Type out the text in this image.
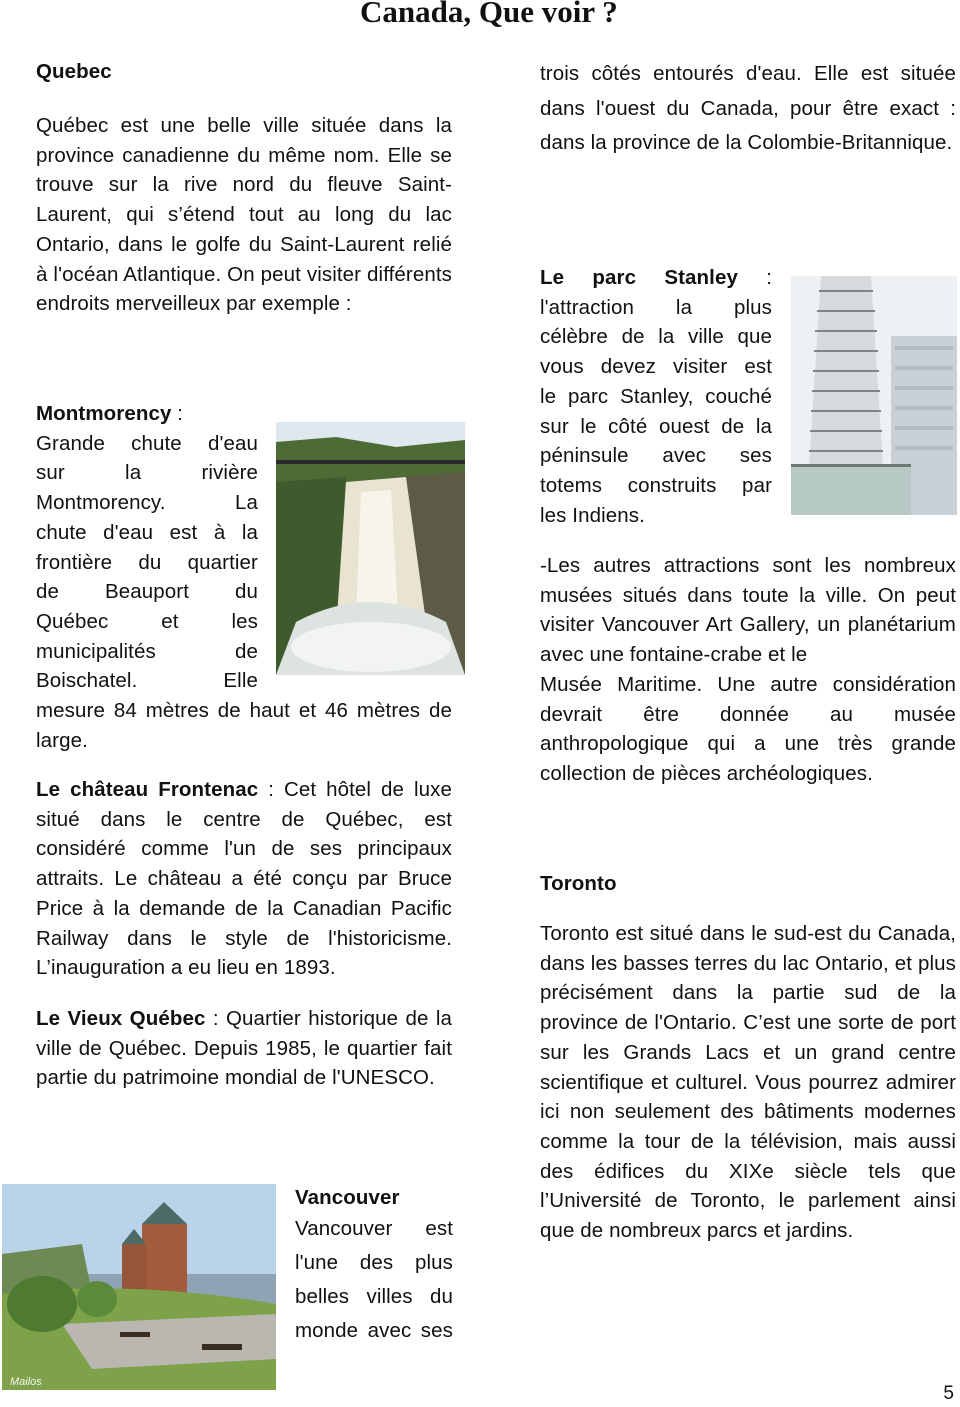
Canada, Que voir ?
Quebec
Québec est une belle ville située dans la province canadienne du même nom. Elle se trouve sur la rive nord du fleuve Saint-Laurent, qui s’étend tout au long du lac Ontario, dans le golfe du Saint-Laurent relié à l'océan Atlantique. On peut visiter différents endroits merveilleux par exemple :
Montmorency :
Grande chute d'eau
sur la rivière
Montmorency. La
chute d'eau est à la
frontière du quartier
de Beauport du
Québec et les
municipalités de
Boischatel. Elle
mesure 84 mètres de haut et 46 mètres de large.
Le château Frontenac : Cet hôtel de luxe situé dans le centre de Québec, est considéré comme l'un de ses principaux attraits. Le château a été conçu par Bruce Price à la demande de la Canadian Pacific Railway dans le style de l'historicisme. L’inauguration a eu lieu en 1893.
Le Vieux Québec : Quartier historique de la ville de Québec. Depuis 1985, le quartier fait partie du patrimoine mondial de l'UNESCO.
Mailos
Vancouver
Vancouver est
l'une des plus
belles villes du
monde avec ses
trois côtés entourés d'eau. Elle est située dans l'ouest du Canada, pour être exact : dans la province de la Colombie-Britannique.
Le parc Stanley :
l'attraction la plus
célèbre de la ville que
vous devez visiter est
le parc Stanley, couché
sur le côté ouest de la
péninsule avec ses
totems construits par
les Indiens.
-Les autres attractions sont les nombreux musées situés dans toute la ville. On peut visiter Vancouver Art Gallery, un planétarium avec une fontaine-crabe et le
Musée Maritime. Une autre considération devrait être donnée au musée anthropologique qui a une très grande collection de pièces archéologiques.
Toronto
Toronto est situé dans le sud-est du Canada, dans les basses terres du lac Ontario, et plus précisément dans la partie sud de la province de l'Ontario. C’est une sorte de port sur les Grands Lacs et un grand centre scientifique et culturel. Vous pourrez admirer ici non seulement des bâtiments modernes comme la tour de la télévision, mais aussi des édifices du XIXe siècle tels que l’Université de Toronto, le parlement ainsi que de nombreux parcs et jardins.
5
